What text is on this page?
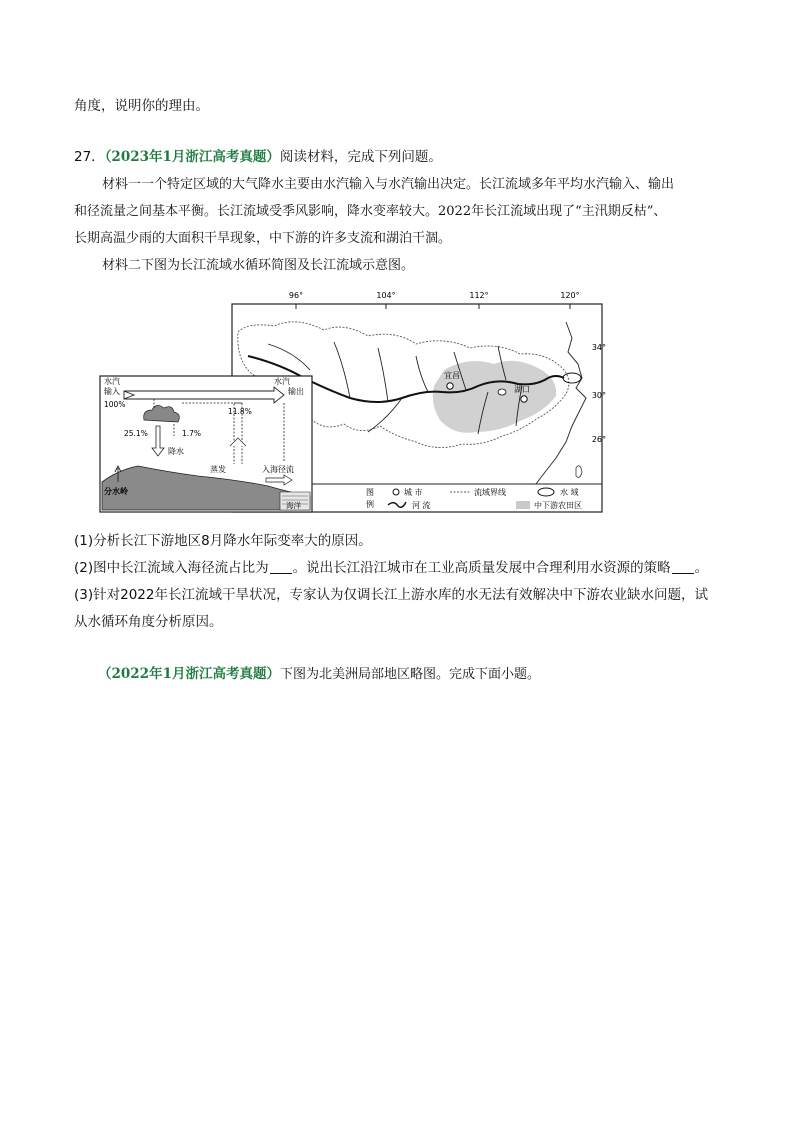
角度，说明你的理由。
27．（2023年1月浙江高考真题）阅读材料，完成下列问题。
材料一一个特定区域的大气降水主要由水汽输入与水汽输出决定。长江流域多年平均水汽输入、输出
和径流量之间基本平衡。长江流域受季风影响，降水变率较大。2022年长江流域出现了“主汛期反枯”、
长期高温少雨的大面积干旱现象，中下游的许多支流和湖泊干涸。
材料二下图为长江流域水循环简图及长江流域示意图。
96°	104°	112°	120°
34°
30°
26°
宜昌
湖口
图
例
城 市
河 流
流域界线	水 域
中下游农田区
水汽
输入
100%
水汽
输出
11.8%
25.1%	1.7%
降水
蒸发	入海径流
分水岭
海洋
(1)分析长江下游地区8月降水年际变率大的原因。
(2)图中长江流域入海径流占比为 。说出长江沿江城市在工业高质量发展中合理利用水资源的策略 。
(3)针对2022年长江流域干旱状况，专家认为仅调长江上游水库的水无法有效解决中下游农业缺水问题，试
从水循环角度分析原因。
（2022年1月浙江高考真题）下图为北美洲局部地区略图。完成下面小题。
